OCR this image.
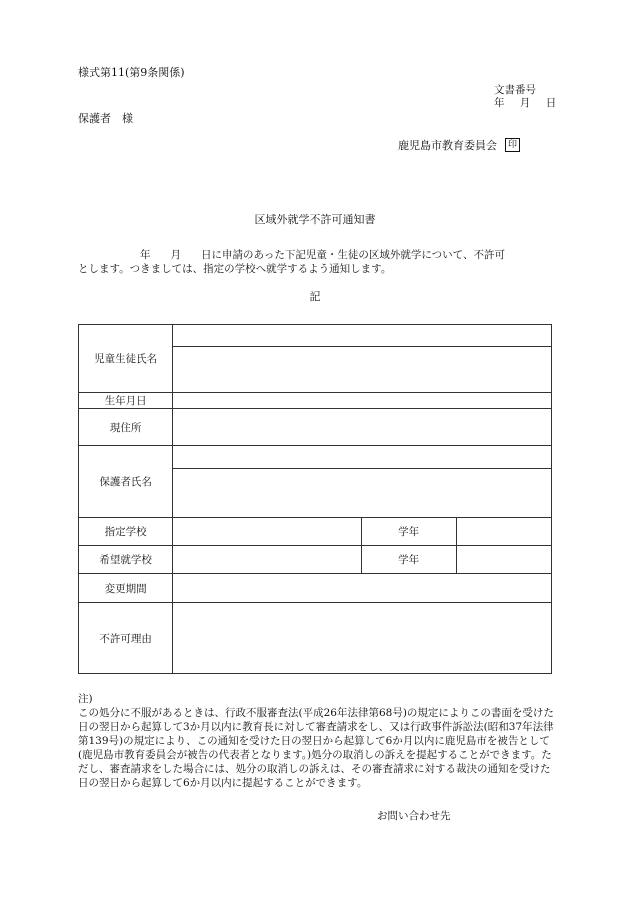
様式第11(第9条関係)
文書番号
年 月 日
保護者　様
鹿児島市教育委員会	印
区域外就学不許可通知書
年 月 日に申請のあった下記児童・生徒の区域外就学について、不許可
とします。つきましては、指定の学校へ就学するよう通知します。
記
児童生徒氏名			

生年月日			
現住所			
保護者氏名			

指定学校		学年	
希望就学校		学年	
変更期間			
不許可理由			
注)
この処分に不服があるときは、行政不服審査法(平成26年法律第68号)の規定によりこの書面を受けた日の翌日から起算して3か月以内に教育長に対して審査請求をし、又は行政事件訴訟法(昭和37年法律第139号)の規定により、この通知を受けた日の翌日から起算して6か月以内に鹿児島市を被告として(鹿児島市教育委員会が被告の代表者となります。)処分の取消しの訴えを提起することができます。ただし、審査請求をした場合には、処分の取消しの訴えは、その審査請求に対する裁決の通知を受けた日の翌日から起算して6か月以内に提起することができます。
お問い合わせ先
